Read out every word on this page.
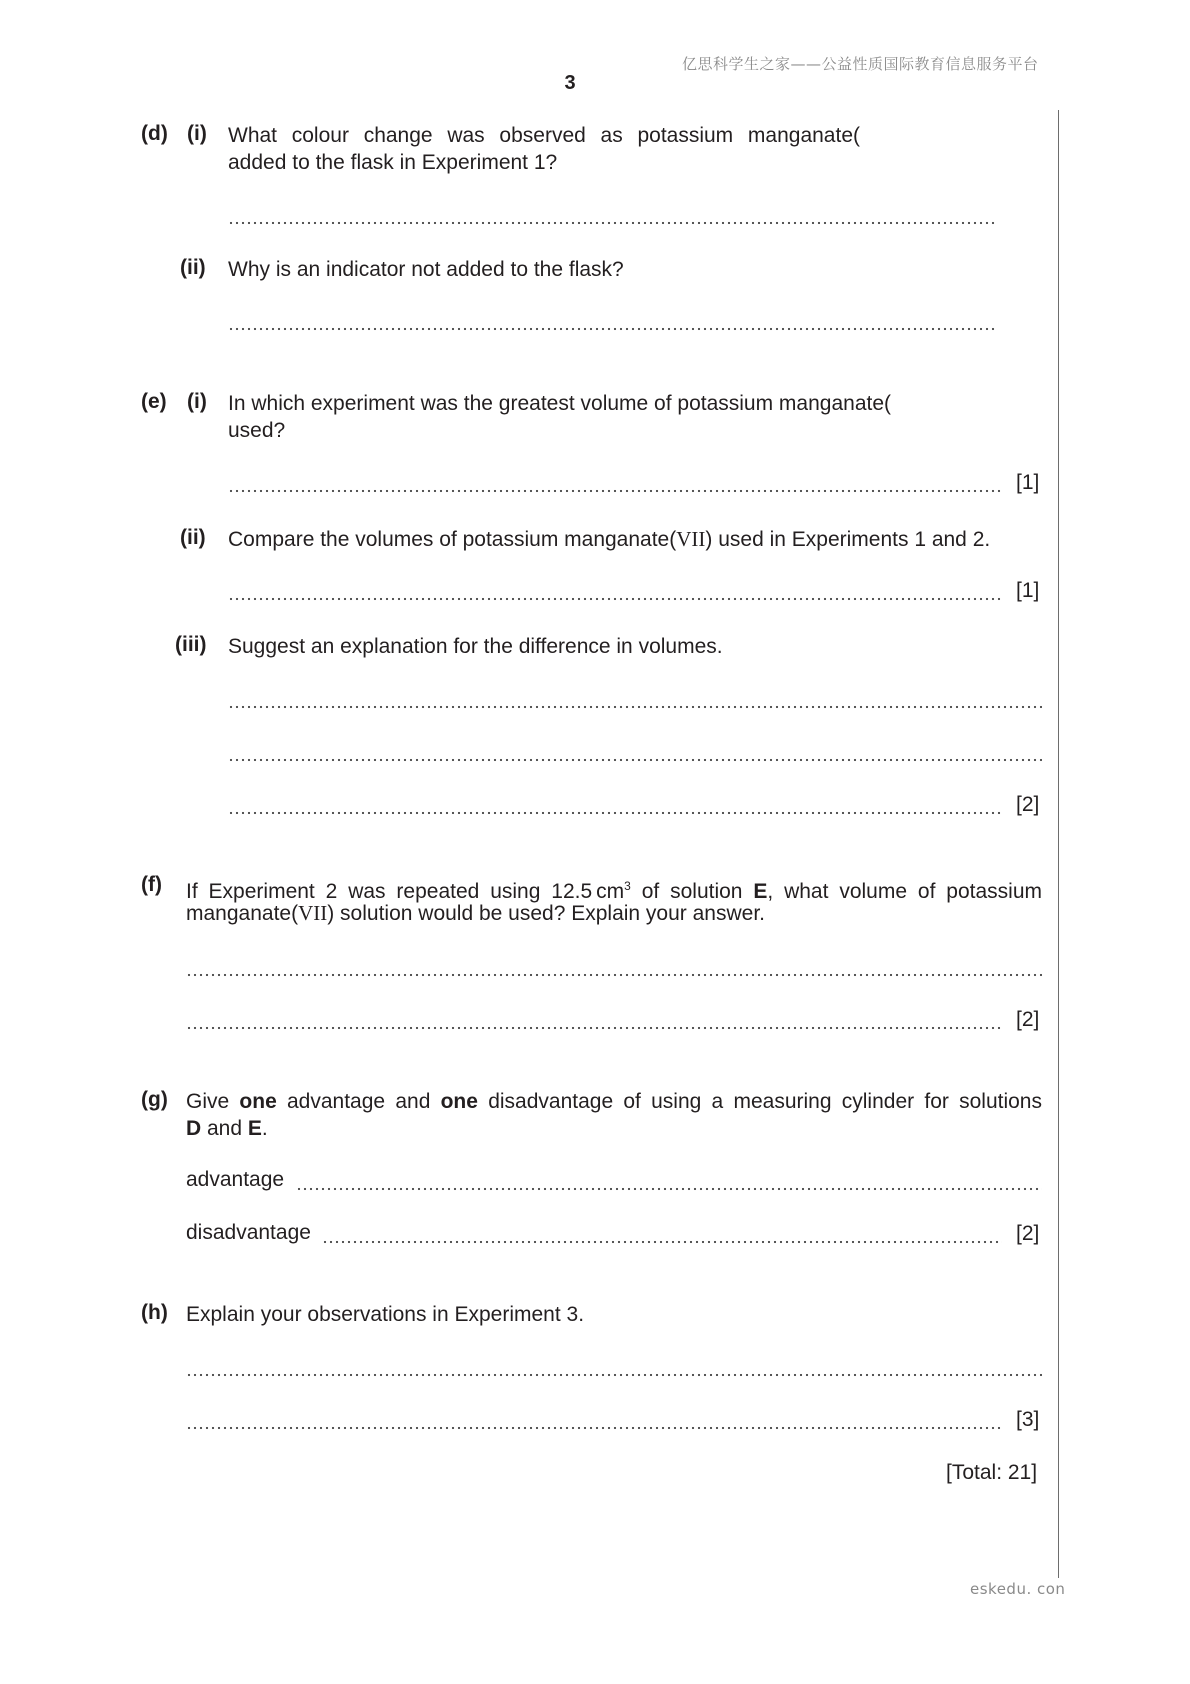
亿思科学生之家——公益性质国际教育信息服务平台
3
(d) (i) What colour change was observed as potassium manganate(
added to the flask in Experiment 1?
(ii) Why is an indicator not added to the flask?
(e) (i) In which experiment was the greatest volume of potassium manganate(
used?
[1]
(ii) Compare the volumes of potassium manganate(VII) used in Experiments 1 and 2.
[1]
(iii) Suggest an explanation for the difference in volumes.
[2]
(f) If Experiment 2 was repeated using 12.5 $cm^3$ of solution E, what volume of potassium
manganate(VII) solution would be used? Explain your answer.
[2]
(g) Give one advantage and one disadvantage of using a measuring cylinder for solutions
D and E.
advantage
disadvantage	[2]
(h) Explain your observations in Experiment 3.
[3]
[Total: 21]
eskedu. con
